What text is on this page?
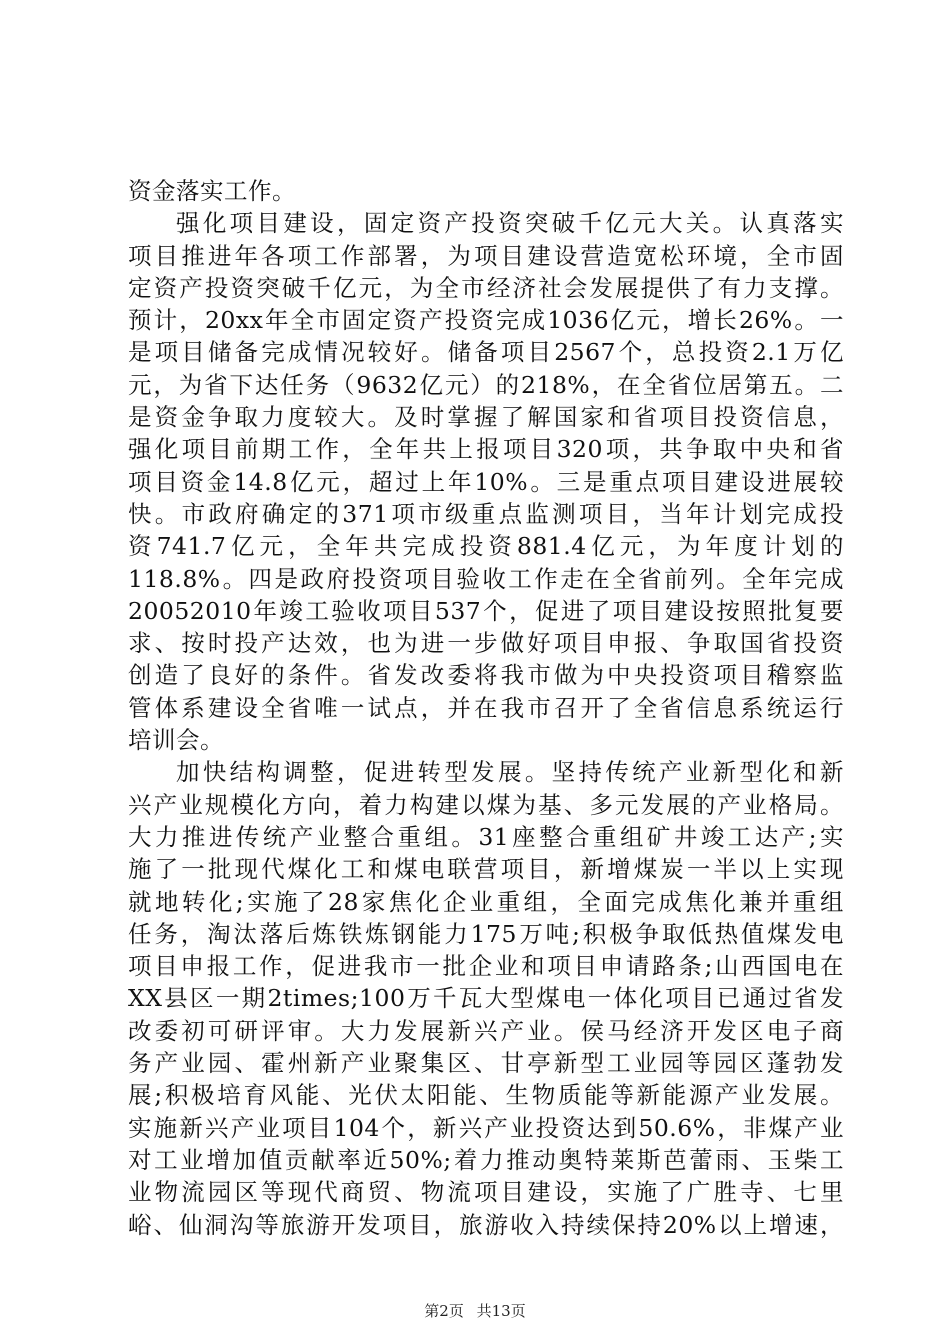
资金落实工作。
强化项目建设，固定资产投资突破千亿元大关。认真落实
项目推进年各项工作部署，为项目建设营造宽松环境，全市固
定资产投资突破千亿元，为全市经济社会发展提供了有力支撑。
预计，20xx年全市固定资产投资完成1036亿元，增长26%。一
是项目储备完成情况较好。储备项目2567个，总投资2.1万亿
元，为省下达任务（9632亿元）的218%，在全省位居第五。二
是资金争取力度较大。及时掌握了解国家和省项目投资信息，
强化项目前期工作，全年共上报项目320项，共争取中央和省
项目资金14.8亿元，超过上年10%。三是重点项目建设进展较
快。市政府确定的371项市级重点监测项目，当年计划完成投
资741.7亿元，全年共完成投资881.4亿元，为年度计划的
118.8%。四是政府投资项目验收工作走在全省前列。全年完成
20052010年竣工验收项目537个，促进了项目建设按照批复要
求、按时投产达效，也为进一步做好项目申报、争取国省投资
创造了良好的条件。省发改委将我市做为中央投资项目稽察监
管体系建设全省唯一试点，并在我市召开了全省信息系统运行
培训会。
加快结构调整，促进转型发展。坚持传统产业新型化和新
兴产业规模化方向，着力构建以煤为基、多元发展的产业格局。
大力推进传统产业整合重组。31座整合重组矿井竣工达产;实
施了一批现代煤化工和煤电联营项目，新增煤炭一半以上实现
就地转化;实施了28家焦化企业重组，全面完成焦化兼并重组
任务，淘汰落后炼铁炼钢能力175万吨;积极争取低热值煤发电
项目申报工作，促进我市一批企业和项目申请路条;山西国电在
XX县区一期2times;100万千瓦大型煤电一体化项目已通过省发
改委初可研评审。大力发展新兴产业。侯马经济开发区电子商
务产业园、霍州新产业聚集区、甘亭新型工业园等园区蓬勃发
展;积极培育风能、光伏太阳能、生物质能等新能源产业发展。
实施新兴产业项目104个，新兴产业投资达到50.6%，非煤产业
对工业增加值贡献率近50%;着力推动奥特莱斯芭蕾雨、玉柴工
业物流园区等现代商贸、物流项目建设，实施了广胜寺、七里
峪、仙洞沟等旅游开发项目，旅游收入持续保持20%以上增速，
第2页 共13页
